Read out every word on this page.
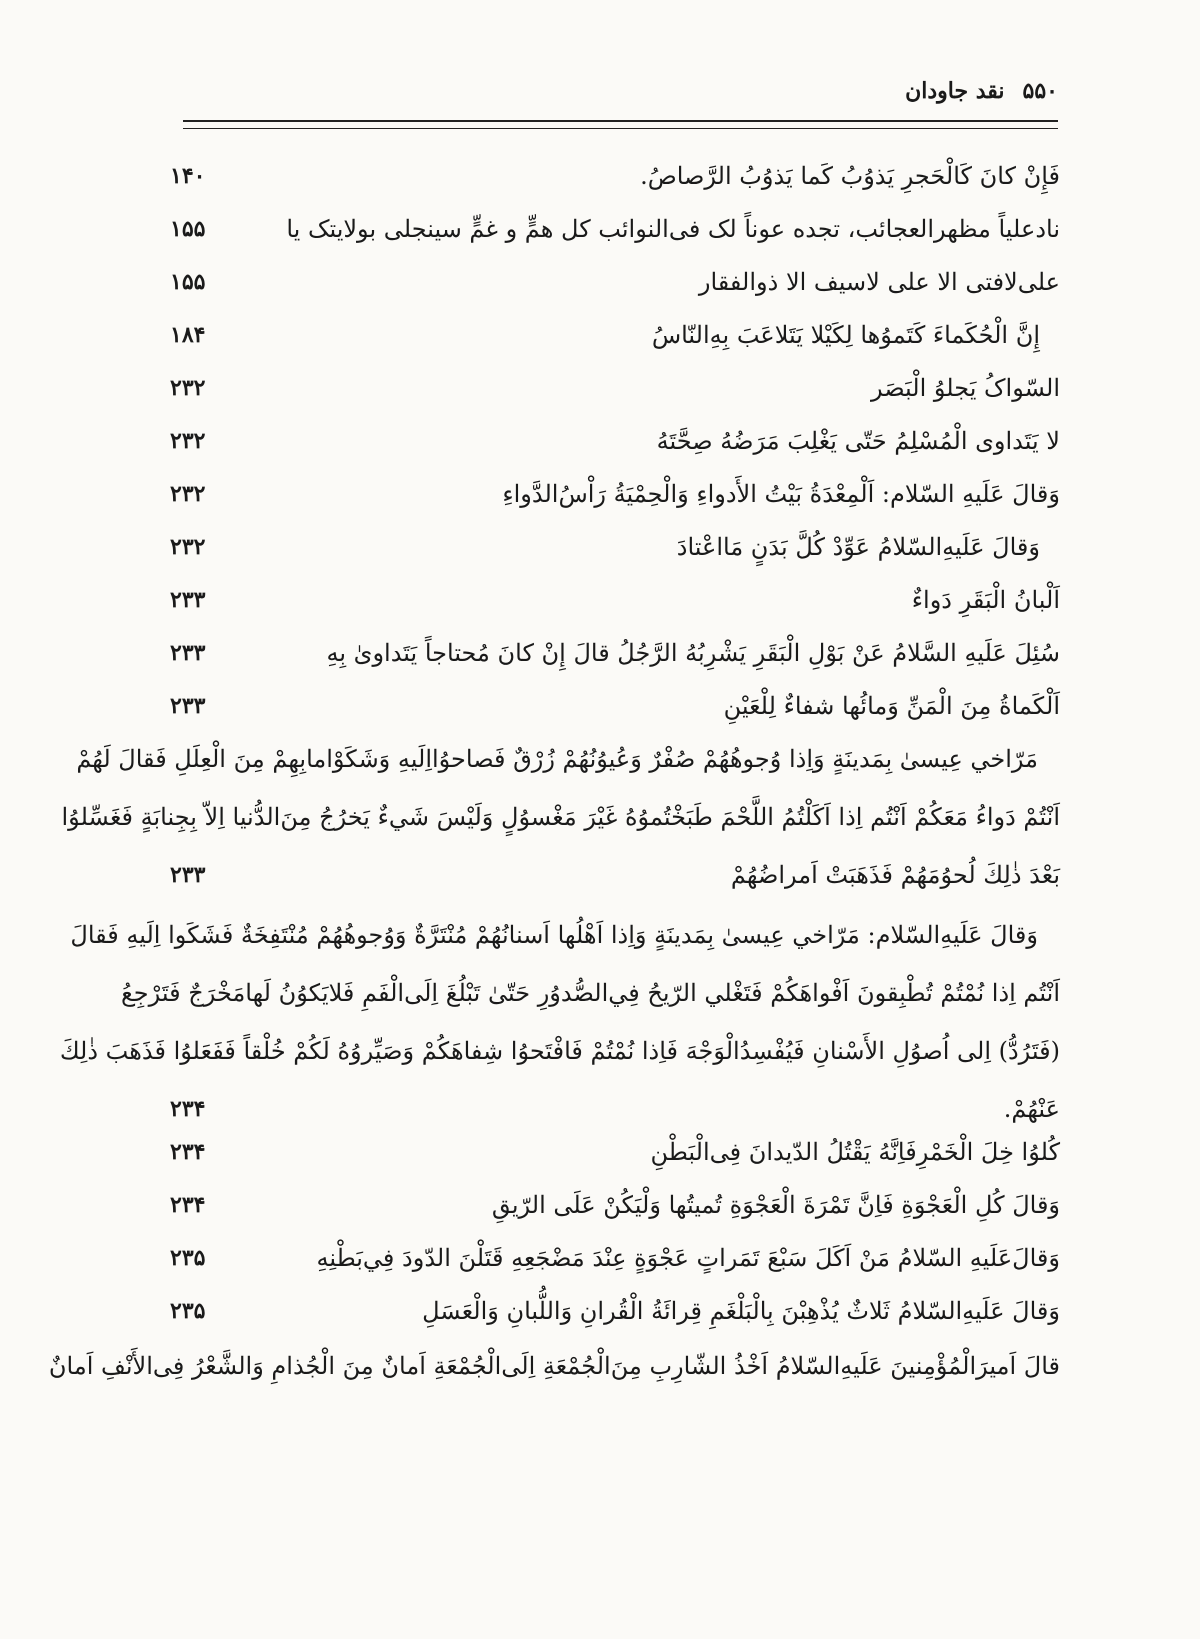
۵۵۰
نقد جاودان
فَإِنْ كانَ كَالْحَجرِ يَذوُبُ كَما يَذوُبُ الرَّصاصُ.
۱۴۰
نادعلیاً مظهرالعجائب، تجده عوناً لک فی‌النوائب کل همٍّ و غمٍّ سینجلی بولایتک یا
۱۵۵
علی‌لافتی الا علی لاسیف الا ذوالفقار
۱۵۵
إِنَّ الْحُكَماءَ كَتَموُها لِكَيْلا يَتَلاعَبَ بِهِ‌النّاسُ
۱۸۴
السّواکُ يَجلوُ الْبَصَر
۲۳۲
لا يَتَداوى الْمُسْلِمُ حَتّى يَغْلِبَ مَرَضُهُ صِحَّتَهُ
۲۳۲
وَقالَ عَلَيهِ السّلام: اَلْمِعْدَةُ بَيْتُ الأَدواءِ وَالْحِمْيَةُ رَاْسُ‌الدَّواءِ
۲۳۲
وَقالَ عَلَيهِ‌السّلامُ عَوِّدْ كُلَّ بَدَنٍ مَااعْتادَ
۲۳۲
اَلْبانُ الْبَقَرِ دَواءٌ
۲۳۳
سُئِلَ عَلَيهِ السَّلامُ عَنْ بَوْلِ الْبَقَرِ يَشْرِبُهُ الرَّجُلُ قالَ إِنْ كانَ مُحتاجاً يَتَداوىٰ بِهِ
۲۳۳
اَلْكَماةُ مِنَ الْمَنِّ وَمائُها شفاءٌ لِلْعَيْنِ
۲۳۳
مَرّاخي عِيسىٰ بِمَدينَةٍ وَاِذا وُجوهُهُمْ صُفْرٌ وَعُيوُنُهُمْ زُرْقٌ فَصاحوُااِلَيهِ وَشَكَوْامابِهِمْ مِنَ الْعِلَلِ فَقالَ لَهُمْ
اَنْتُمْ دَواءُ مَعَكُمْ اَنْتُم اِذا اَكَلْتُمُ اللَّحْمَ طَبَخْتُموُهُ غَيْرَ مَغْسوُلٍ وَلَيْسَ شَيءٌ يَخرُجُ مِنَ‌الدُّنيا اِلاّ بِجِنابَةٍ فَغَسِّلوُا
بَعْدَ ذٰلِكَ لُحوُمَهُمْ فَذَهَبَتْ اَمراضُهُمْ
۲۳۳
وَقالَ عَلَيهِ‌السّلام: مَرّاخي عِيسىٰ بِمَدينَةٍ وَاِذا اَهْلُها اَسنانُهُمْ مُنْتَرَّةٌ وَوُجوهُهُمْ مُنْتَفِخَةٌ فَشَكَوا اِلَيهِ فَقالَ
اَنْتُم اِذا نُمْتُمْ تُطْبِقونَ اَفْواهَكُمْ فَتَغْلي الرّيحُ فِي‌الصُّدوُرِ حَتّىٰ تَبْلُغَ اِلَى‌الْفَمِ فَلايَكوُنُ لَهامَخْرَجٌ فَتَرْجِعُ
(فَتَرُدُّ) اِلى اُصوُلِ الأَسْنانِ فَيُفْسِدُالْوَجْهَ فَاِذا نُمْتُمْ فَافْتَحوُا شِفاهَكُمْ وَصَيِّروُهُ لَكُمْ خُلْقاً فَفَعَلوُا فَذَهَبَ ذٰلِكَ
عَنْهُمْ.
۲۳۴
كُلوُا خِلَ الْخَمْرِفَاِنَّهُ يَقْتُلُ الدّيدانَ فِى‌الْبَطْنِ
۲۳۴
وَقالَ كُلِ الْعَجْوَةِ فَاِنَّ تَمْرَةَ الْعَجْوَةِ تُميتُها وَلْيَكُنْ عَلَى الرّيقِ
۲۳۴
وَقالَ‌عَلَيهِ السّلامُ مَنْ اَكَلَ سَبْعَ تَمَراتٍ عَجْوَةٍ عِنْدَ مَضْجَعِهِ قَتَلْنَ الدّودَ فِي‌بَطْنِهِ
۲۳۵
وَقالَ عَلَيهِ‌السّلامُ ثَلاثٌ يُذْهِبْنَ بِالْبَلْغَمِ قِرائَةُ الْقُرانِ وَاللُّبانِ وَالْعَسَلِ
۲۳۵
قالَ اَميرَالْمُؤْمِنينَ عَلَيهِ‌السّلامُ اَخْذُ الشّارِبِ مِنَ‌الْجُمْعَةِ اِلَى‌الْجُمْعَةِ اَمانٌ مِنَ الْجُذامِ وَالشَّعْرُ فِى‌الأَنْفِ اَمانٌ
